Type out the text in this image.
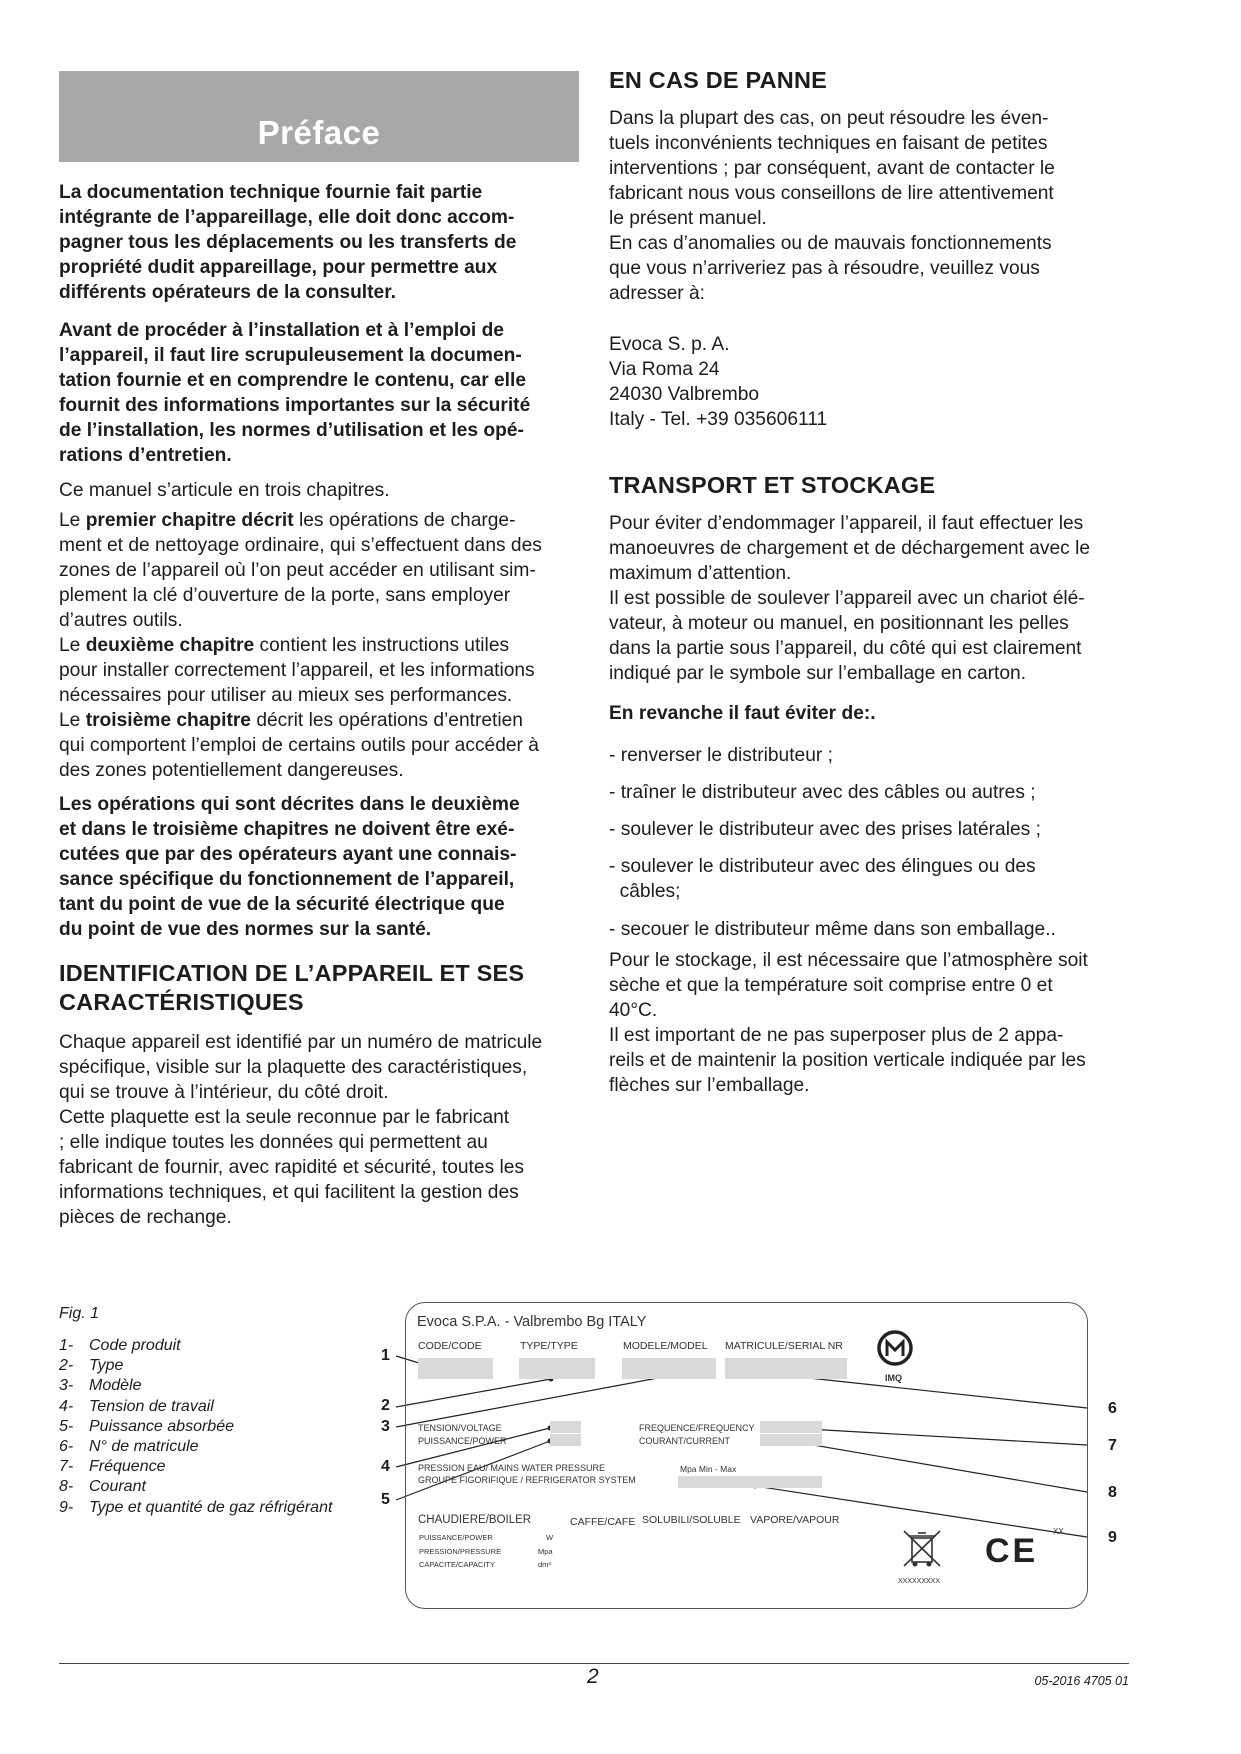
Préface

La documentation technique fournie fait partie
intégrante de l’appareillage, elle doit donc accom-
pagner tous les déplacements ou les transferts de
propriété dudit appareillage, pour permettre aux
différents opérateurs de la consulter.

Avant de procéder à l’installation et à l’emploi de
l’appareil, il faut lire scrupuleusement la documen-
tation fournie et en comprendre le contenu, car elle
fournit des informations importantes sur la sécurité
de l’installation, les normes d’utilisation et les opé-
rations d’entretien.

Ce manuel s’articule en trois chapitres.

Le premier chapitre décrit les opérations de charge-
ment et de nettoyage ordinaire, qui s’effectuent dans des
zones de l’appareil où l’on peut accéder en utilisant sim-
plement la clé d’ouverture de la porte, sans employer
d’autres outils.
Le deuxième chapitre contient les instructions utiles
pour installer correctement l’appareil, et les informations
nécessaires pour utiliser au mieux ses performances.
Le troisième chapitre décrit les opérations d’entretien
qui comportent l’emploi de certains outils pour accéder à
des zones potentiellement dangereuses.

Les opérations qui sont décrites dans le deuxième
et dans le troisième chapitres ne doivent être exé-
cutées que par des opérateurs ayant une connais-
sance spécifique du fonctionnement de l’appareil,
tant du point de vue de la sécurité électrique que
du point de vue des normes sur la santé.

IDENTIFICATION DE L’APPAREIL ET SES
CARACTÉRISTIQUES

Chaque appareil est identifié par un numéro de matricule
spécifique, visible sur la plaquette des caractéristiques,
qui se trouve à l’intérieur, du côté droit.
Cette plaquette est la seule reconnue par le fabricant
; elle indique toutes les données qui permettent au
fabricant de fournir, avec rapidité et sécurité, toutes les
informations techniques, et qui facilitent la gestion des
pièces de rechange.

EN CAS DE PANNE

Dans la plupart des cas, on peut résoudre les éven-
tuels inconvénients techniques en faisant de petites
interventions ; par conséquent, avant de contacter le
fabricant nous vous conseillons de lire attentivement
le présent manuel.
En cas d’anomalies ou de mauvais fonctionnements
que vous n’arriveriez pas à résoudre, veuillez vous
adresser à:

Evoca S. p. A.
Via Roma 24
24030 Valbrembo
Italy - Tel. +39 035606111

TRANSPORT ET STOCKAGE

Pour éviter d’endommager l’appareil, il faut effectuer les
manoeuvres de chargement et de déchargement avec le
maximum d’attention.
Il est possible de soulever l’appareil avec un chariot élé-
vateur, à moteur ou manuel, en positionnant les pelles
dans la partie sous l’appareil, du côté qui est clairement
indiqué par le symbole sur l’emballage en carton.

En revanche il faut éviter de:.

- renverser le distributeur ;

- traîner le distributeur avec des câbles ou autres ;

- soulever le distributeur avec des prises latérales ;

- soulever le distributeur avec des élingues ou des
câbles;

- secouer le distributeur même dans son emballage..

Pour le stockage, il est nécessaire que l’atmosphère soit
sèche et que la température soit comprise entre 0 et
40°C.
Il est important de ne pas superposer plus de 2 appa-
reils et de maintenir la position verticale indiquée par les
flèches sur l’emballage.

Fig. 1
1- Code produit
2- Type
3- Modèle
4- Tension de travail
5- Puissance absorbée
6- N° de matricule
7- Fréquence
8- Courant
9- Type et quantité de gaz réfrigérant
1
2
3
4
5
6
7
8
9
Evoca S.P.A. - Valbrembo Bg ITALY
CODE/CODE	TYPE/TYPE	MODELE/MODEL MATRICULE/SERIAL NR
IMQ
TENSION/VOLTAGE
PUISSANCE/POWER
FREQUENCE/FREQUENCY
COURANT/CURRENT
PRESSION EAU/ MAINS WATER PRESSURE
GROUPE FIGORIFIQUE / REFRIGERATOR SYSTEM
Mpa Min - Max
CHAUDIERE/BOILER	CAFFE/CAFE SOLUBILI/SOLUBLE VAPORE/VAPOUR
PUISSANCE/POWER	W
PRESSION/PRESSURE	Mpa
CAPACITE/CAPACITY	dm³
XXXXXXXXX
CE
XX
2	05-2016 4705 01
